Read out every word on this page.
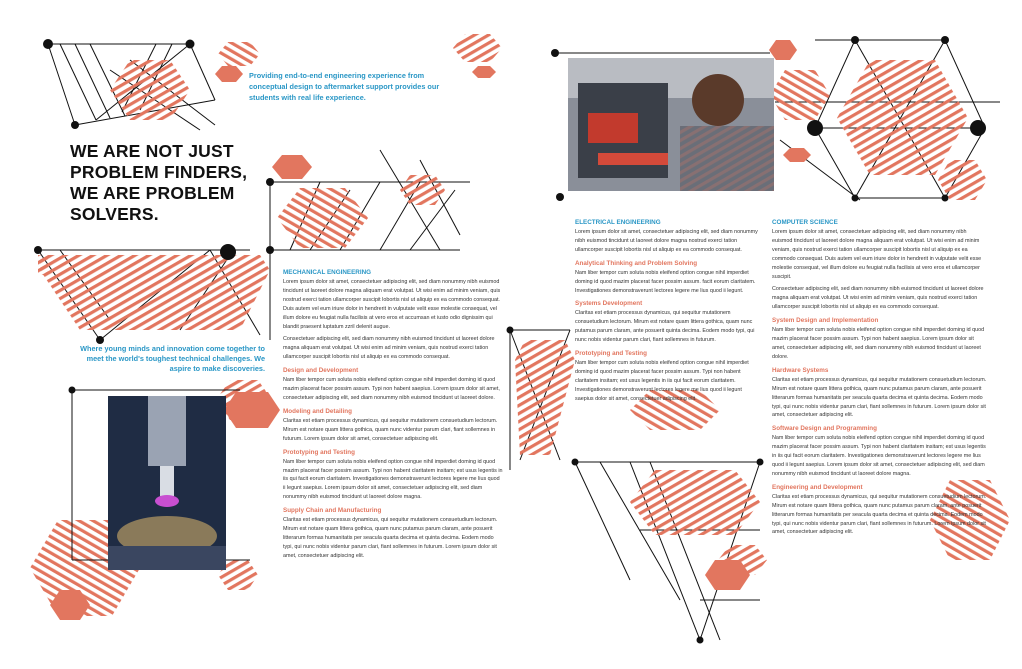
WE ARE NOT JUST
PROBLEM FINDERS,
WE ARE PROBLEM
SOLVERS.
Providing end-to-end engineering experience from conceptual design to aftermarket support provides our students with real life experience.
Where young minds and innovation come together to meet the world's toughest technical challenges. We aspire to make discoveries.
MECHANICAL ENGINEERING

Lorem ipsum dolor sit amet, consectetuer adipiscing elit, sed diam nonummy nibh euismod tincidunt ut laoreet dolore magna aliquam erat volutpat. Ut wisi enim ad minim veniam, quis nostrud exerci tation ullamcorper suscipit lobortis nisl ut aliquip ex ea commodo consequat. Duis autem vel eum iriure dolor in hendrerit in vulputate velit esse molestie consequat, vel illum dolore eu feugiat nulla facilisis at vero eros et accumsan et iusto odio dignissim qui blandit praesent luptatum zzril delenit augue.

Consectetuer adipiscing elit, sed diam nonummy nibh euismod tincidunt ut laoreet dolore magna aliquam erat volutpat. Ut wisi enim ad minim veniam, quis nostrud exerci tation ullamcorper suscipit lobortis nisl ut aliquip ex ea commodo consequat.

Design and Development

Nam liber tempor cum soluta nobis eleifend option congue nihil imperdiet doming id quod mazim placerat facer possim assum. Typi non habent saepius. Lorem ipsum dolor sit amet, consectetuer adipiscing elit, sed diam nonummy nibh euismod tincidunt ut laoreet dolore.

Modeling and Detailing

Claritas est etiam processus dynamicus, qui sequitur mutationem consuetudium lectorum. Mirum est notare quam littera gothica, quam nunc videntur parum clari, fiant sollemnes in futurum. Lorem ipsum dolor sit amet, consectetuer adipiscing elit.

Prototyping and Testing

Nam liber tempor cum soluta nobis eleifend option congue nihil imperdiet doming id quod mazim placerat facer possim assum. Typi non habent claritatem insitam; est usus legentis in iis qui facit eorum claritatem. Investigationes demonstraverunt lectores legere me lius quod ii legunt saepius. Lorem ipsum dolor sit amet, consectetuer adipiscing elit, sed diam nonummy nibh euismod tincidunt ut laoreet dolore magna.

Supply Chain and Manufacturing

Claritas est etiam processus dynamicus, qui sequitur mutationem consuetudium lectorum. Mirum est notare quam littera gothica, quam nunc putamus parum claram, ante posuerit litterarum formas humanitatis per seacula quarta decima et quinta decima. Eodem modo typi, qui nunc nobis videntur parum clari, fiant sollemnes in futurum. Lorem ipsum dolor sit amet, consectetuer adipiscing elit.

ELECTRICAL ENGINEERING

Lorem ipsum dolor sit amet, consectetuer adipiscing elit, sed diam nonummy nibh euismod tincidunt ut laoreet dolore magna nostrud exerci tation ullamcorper suscipit lobortis nisl ut aliquip ex ea commodo consequat.

Analytical Thinking and Problem Solving

Nam liber tempor cum soluta nobis eleifend option congue nihil imperdiet doming id quod mazim placerat facer possim assum. facit eorum claritatem. Investigationes demonstraverunt lectores legere me lius quod ii legunt.

Systems Development

Claritas est etiam processus dynamicus, qui sequitur mutationem consuetudium lectorum. Mirum est notare quam littera gothica, quam nunc putamus parum claram, ante posuerit quinta decima. Eodem modo typi, qui nunc nobis videntur parum clari, fiant sollemnes in futurum.

Prototyping and Testing

Nam liber tempor cum soluta nobis eleifend option congue nihil imperdiet doming id quod mazim placerat facer possim assum. Typi non habent claritatem insitam; est usus legentis in iis qui facit eorum claritatem. Investigationes demonstraverunt lectores legere me lius quod ii legunt saepius dolor sit amet, consectetuer adipiscing elit.

COMPUTER SCIENCE

Lorem ipsum dolor sit amet, consectetuer adipiscing elit, sed diam nonummy nibh euismod tincidunt ut laoreet dolore magna aliquam erat volutpat. Ut wisi enim ad minim veniam, quis nostrud exerci tation ullamcorper suscipit lobortis nisl ut aliquip ex ea commodo consequat. Duis autem vel eum iriure dolor in hendrerit in vulputate velit esse molestie consequat, vel illum dolore eu feugiat nulla facilisis at vero eros et ullamcorper suscipit.

Consectetuer adipiscing elit, sed diam nonummy nibh euismod tincidunt ut laoreet dolore magna aliquam erat volutpat. Ut wisi enim ad minim veniam, quis nostrud exerci tation ullamcorper suscipit lobortis nisl ut aliquip ex ea commodo consequat.

System Design and Implementation

Nam liber tempor cum soluta nobis eleifend option congue nihil imperdiet doming id quod mazim placerat facer possim assum. Typi non habent saepius. Lorem ipsum dolor sit amet, consectetuer adipiscing elit, sed diam nonummy nibh euismod tincidunt ut laoreet dolore.

Hardware Systems

Claritas est etiam processus dynamicus, qui sequitur mutationem consuetudium lectorum. Mirum est notare quam littera gothica, quam nunc putamus parum claram, ante posuerit litterarum formas humanitatis per seacula quarta decima et quinta decima. Eodem modo typi, qui nunc nobis videntur parum clari, fiant sollemnes in futurum. Lorem ipsum dolor sit amet, consectetuer adipiscing elit.

Software Design and Programming

Nam liber tempor cum soluta nobis eleifend option congue nihil imperdiet doming id quod mazim placerat facer possim assum. Typi non habent claritatem insitam; est usus legentis in iis qui facit eorum claritatem. Investigationes demonstraverunt lectores legere me lius quod ii legunt saepius. Lorem ipsum dolor sit amet, consectetuer adipiscing elit, sed diam nonummy nibh euismod tincidunt ut laoreet dolore magna.

Engineering and Development

Claritas est etiam processus dynamicus, qui sequitur mutationem consuetudium lectorum. Mirum est notare quam littera gothica, quam nunc putamus parum claram, ante posuerit litterarum formas humanitatis per seacula quarta decima et quinta decima. Eodem modo typi, qui nunc nobis videntur parum clari, fiant sollemnes in futurum. Lorem ipsum dolor sit amet, consectetuer adipiscing elit.
